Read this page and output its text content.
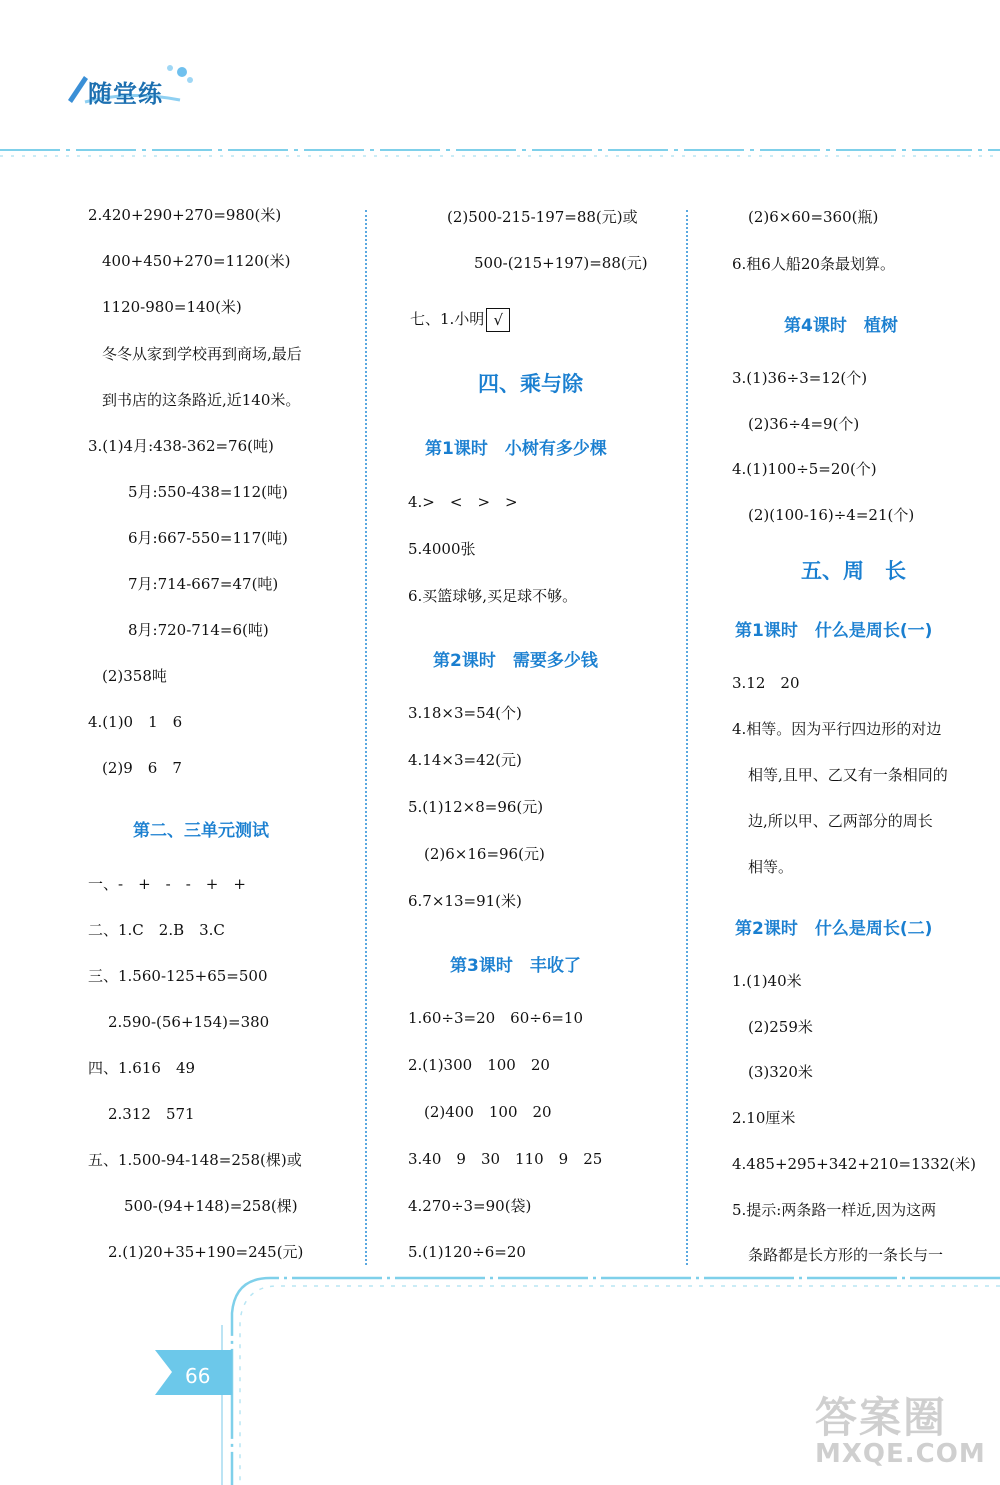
随堂练
2.420+290+270=980(米)
400+450+270=1120(米)
1120-980=140(米)
冬冬从家到学校再到商场,最后
到书店的这条路近,近140米。
3.(1)4月:438-362=76(吨)
5月:550-438=112(吨)
6月:667-550=117(吨)
7月:714-667=47(吨)
8月:720-714=6(吨)
(2)358吨
4.(1)0　1　6
(2)9　6　7
第二、三单元测试
一、-　+　-　-　+　+
二、1.C　2.B　3.C
三、1.560-125+65=500
2.590-(56+154)=380
四、1.616　49
2.312　571
五、1.500-94-148=258(棵)或
500-(94+148)=258(棵)
2.(1)20+35+190=245(元)
(2)500-215-197=88(元)或
500-(215+197)=88(元)
七、1.小明 √
四、乘与除
第1课时　小树有多少棵
4.>　<　>　>
5.4000张
6.买篮球够,买足球不够。
第2课时　需要多少钱
3.18×3=54(个)
4.14×3=42(元)
5.(1)12×8=96(元)
(2)6×16=96(元)
6.7×13=91(米)
第3课时　丰收了
1.60÷3=20　60÷6=10
2.(1)300　100　20
(2)400　100　20
3.40　9　30　110　9　25
4.270÷3=90(袋)
5.(1)120÷6=20
(2)6×60=360(瓶)
6.租6人船20条最划算。
第4课时　植树
3.(1)36÷3=12(个)
(2)36÷4=9(个)
4.(1)100÷5=20(个)
(2)(100-16)÷4=21(个)
五、周　长
第1课时　什么是周长(一)
3.12　20
4.相等。因为平行四边形的对边
相等,且甲、乙又有一条相同的
边,所以甲、乙两部分的周长
相等。
第2课时　什么是周长(二)
1.(1)40米
(2)259米
(3)320米
2.10厘米
4.485+295+342+210=1332(米)
5.提示:两条路一样近,因为这两
条路都是长方形的一条长与一
66
答案圈
MXQE.COM
